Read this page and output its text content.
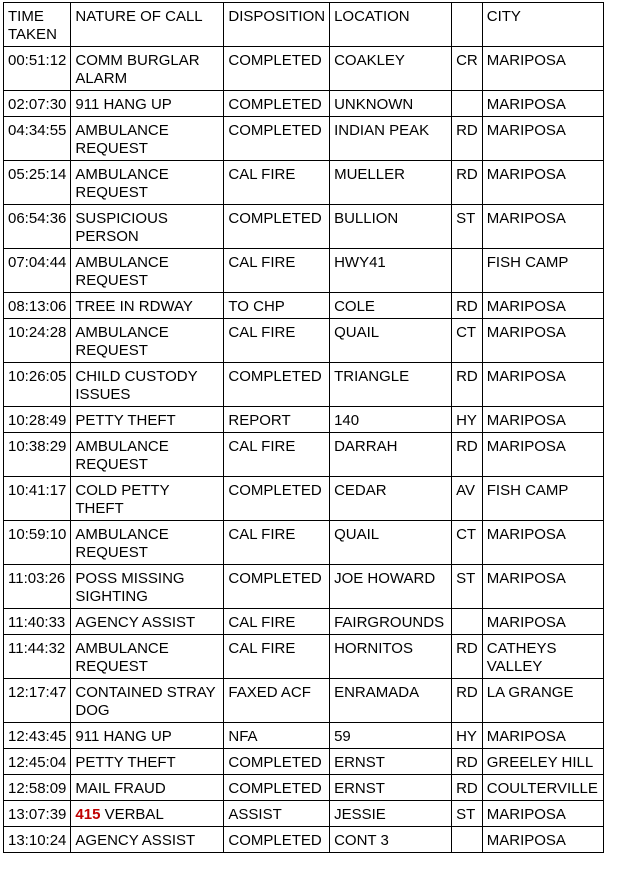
TIME TAKEN	NATURE OF CALL	DISPOSITION	LOCATION		CITY
00:51:12	COMM BURGLAR ALARM	COMPLETED	COAKLEY	CR	MARIPOSA
02:07:30	911 HANG UP	COMPLETED	UNKNOWN		MARIPOSA
04:34:55	AMBULANCE REQUEST	COMPLETED	INDIAN PEAK	RD	MARIPOSA
05:25:14	AMBULANCE REQUEST	CAL FIRE	MUELLER	RD	MARIPOSA
06:54:36	SUSPICIOUS PERSON	COMPLETED	BULLION	ST	MARIPOSA
07:04:44	AMBULANCE REQUEST	CAL FIRE	HWY41		FISH CAMP
08:13:06	TREE IN RDWAY	TO CHP	COLE	RD	MARIPOSA
10:24:28	AMBULANCE REQUEST	CAL FIRE	QUAIL	CT	MARIPOSA
10:26:05	CHILD CUSTODY ISSUES	COMPLETED	TRIANGLE	RD	MARIPOSA
10:28:49	PETTY THEFT	REPORT	140	HY	MARIPOSA
10:38:29	AMBULANCE REQUEST	CAL FIRE	DARRAH	RD	MARIPOSA
10:41:17	COLD PETTY THEFT	COMPLETED	CEDAR	AV	FISH CAMP
10:59:10	AMBULANCE REQUEST	CAL FIRE	QUAIL	CT	MARIPOSA
11:03:26	POSS MISSING SIGHTING	COMPLETED	JOE HOWARD	ST	MARIPOSA
11:40:33	AGENCY ASSIST	CAL FIRE	FAIRGROUNDS		MARIPOSA
11:44:32	AMBULANCE REQUEST	CAL FIRE	HORNITOS	RD	CATHEYS VALLEY
12:17:47	CONTAINED STRAY DOG	FAXED ACF	ENRAMADA	RD	LA GRANGE
12:43:45	911 HANG UP	NFA	59	HY	MARIPOSA
12:45:04	PETTY THEFT	COMPLETED	ERNST	RD	GREELEY HILL
12:58:09	MAIL FRAUD	COMPLETED	ERNST	RD	COULTERVILLE
13:07:39	415 VERBAL	ASSIST	JESSIE	ST	MARIPOSA
13:10:24	AGENCY ASSIST	COMPLETED	CONT 3		MARIPOSA
